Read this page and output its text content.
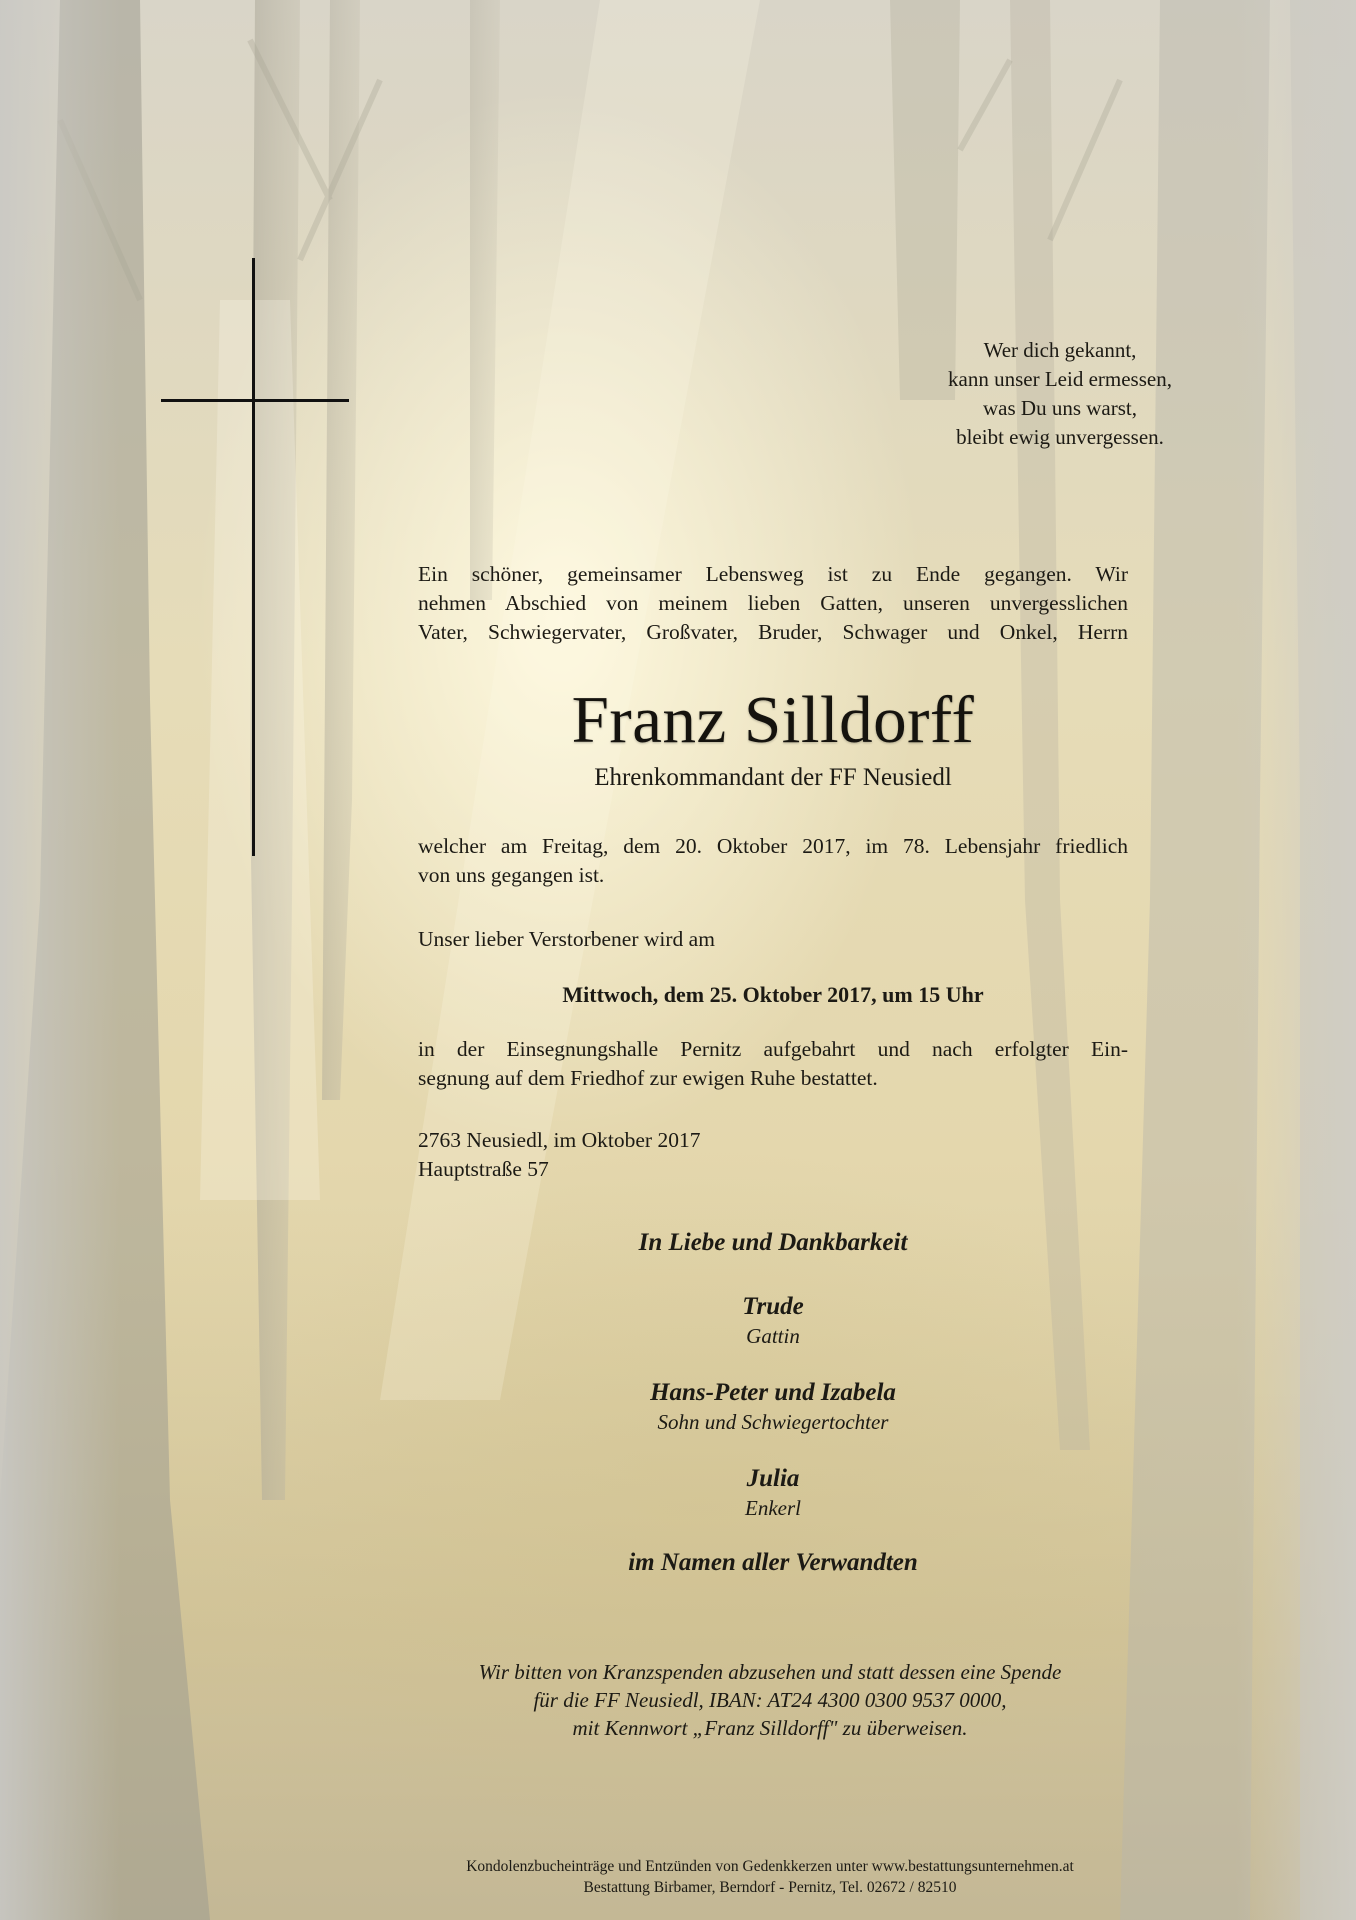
Wer dich gekannt,
kann unser Leid ermessen,
was Du uns warst,
bleibt ewig unvergessen.
Ein schöner, gemeinsamer Lebensweg ist zu Ende gegangen. Wir
nehmen Abschied von meinem lieben Gatten, unseren unvergesslichen
Vater, Schwiegervater, Großvater, Bruder, Schwager und Onkel, Herrn
Franz Silldorff
Ehrenkommandant der FF Neusiedl
welcher am Freitag, dem 20. Oktober 2017, im 78. Lebensjahr friedlich
von uns gegangen ist.
Unser lieber Verstorbener wird am
Mittwoch, dem 25. Oktober 2017, um 15 Uhr
in der Einsegnungshalle Pernitz aufgebahrt und nach erfolgter Ein-
segnung auf dem Friedhof zur ewigen Ruhe bestattet.
2763 Neusiedl, im Oktober 2017
Hauptstraße 57
In Liebe und Dankbarkeit
Trude
Gattin
Hans-Peter und Izabela
Sohn und Schwiegertochter
Julia
Enkerl
im Namen aller Verwandten
Wir bitten von Kranzspenden abzusehen und statt dessen eine Spende
für die FF Neusiedl, IBAN: AT24 4300 0300 9537 0000,
mit Kennwort „Franz Silldorff" zu überweisen.
Kondolenzbucheinträge und Entzünden von Gedenkkerzen unter www.bestattungsunternehmen.at
Bestattung Birbamer, Berndorf - Pernitz, Tel. 02672 / 82510
